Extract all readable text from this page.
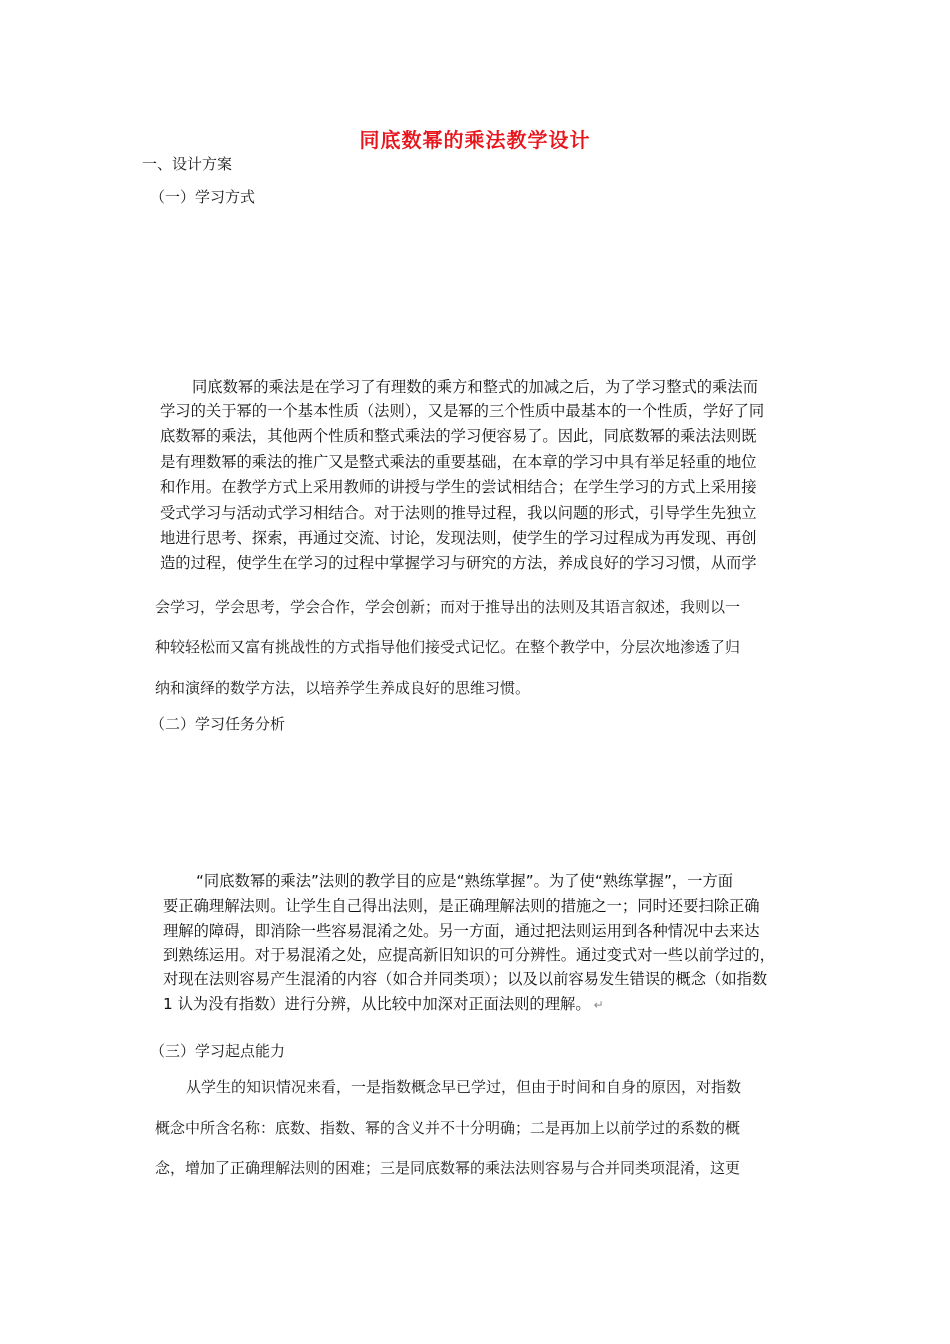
同底数幂的乘法教学设计
一、设计方案
（一）学习方式
同底数幂的乘法是在学习了有理数的乘方和整式的加减之后，为了学习整式的乘法而
学习的关于幂的一个基本性质（法则），又是幂的三个性质中最基本的一个性质，学好了同
底数幂的乘法，其他两个性质和整式乘法的学习便容易了。因此，同底数幂的乘法法则既
是有理数幂的乘法的推广又是整式乘法的重要基础，在本章的学习中具有举足轻重的地位
和作用。在教学方式上采用教师的讲授与学生的尝试相结合；在学生学习的方式上采用接
受式学习与活动式学习相结合。对于法则的推导过程，我以问题的形式，引导学生先独立
地进行思考、探索，再通过交流、讨论，发现法则，使学生的学习过程成为再发现、再创
造的过程，使学生在学习的过程中掌握学习与研究的方法，养成良好的学习习惯，从而学
会学习，学会思考，学会合作，学会创新；而对于推导出的法则及其语言叙述，我则以一
种较轻松而又富有挑战性的方式指导他们接受式记忆。在整个教学中，分层次地渗透了归
纳和演绎的数学方法，以培养学生养成良好的思维习惯。
（二）学习任务分析
“同底数幂的乘法”法则的教学目的应是“熟练掌握”。为了使“熟练掌握”，一方面
要正确理解法则。让学生自己得出法则，是正确理解法则的措施之一；同时还要扫除正确
理解的障碍，即消除一些容易混淆之处。另一方面，通过把法则运用到各种情况中去来达
到熟练运用。对于易混淆之处，应提高新旧知识的可分辨性。通过变式对一些以前学过的，
对现在法则容易产生混淆的内容（如合并同类项）；以及以前容易发生错误的概念（如指数
1 认为没有指数）进行分辨，从比较中加深对正面法则的理解。 ↵
（三）学习起点能力
从学生的知识情况来看，一是指数概念早已学过，但由于时间和自身的原因，对指数
概念中所含名称：底数、指数、幂的含义并不十分明确；二是再加上以前学过的系数的概
念，增加了正确理解法则的困难；三是同底数幂的乘法法则容易与合并同类项混淆，这更
